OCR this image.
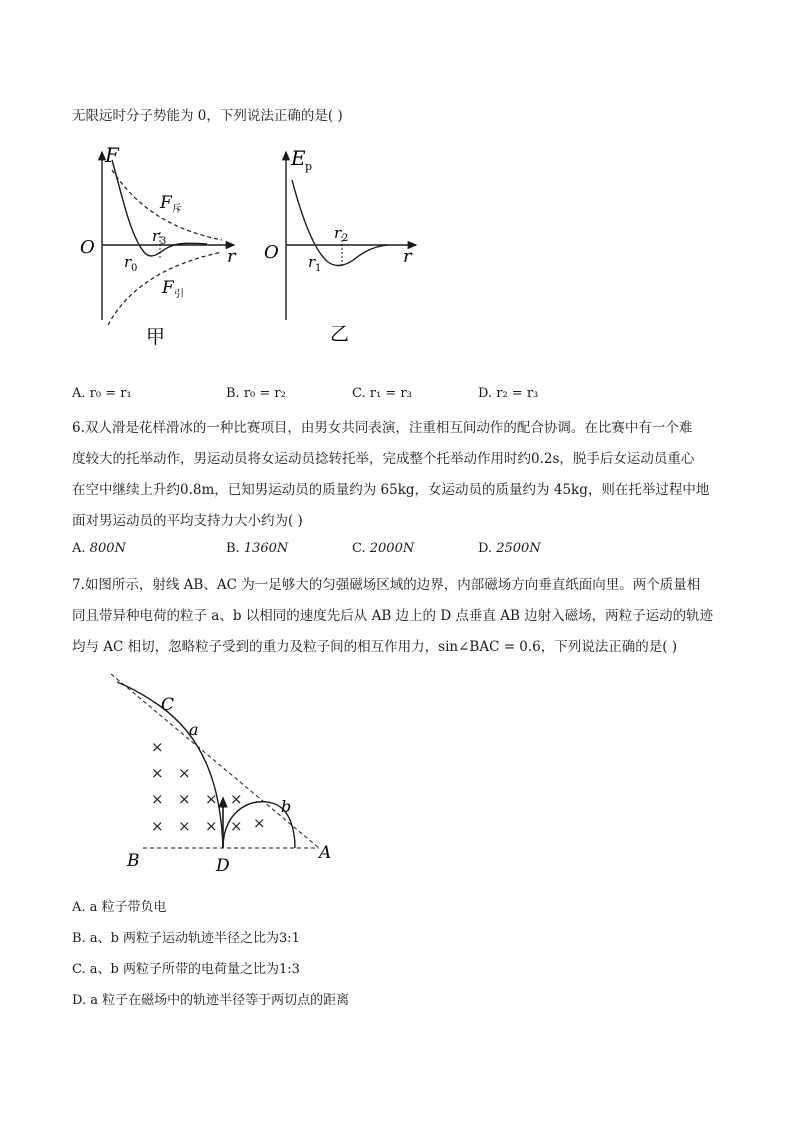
无限远时分子势能为 0，下列说法正确的是( )
F
O	r
r 0
r 3
F 斥
F 引
甲
E p
O	r
r 1
r 2
乙
A. r₀ = r₁	B. r₀ = r₂	C. r₁ = r₃	D. r₂ = r₃
6.双人滑是花样滑冰的一种比赛项目，由男女共同表演，注重相互间动作的配合协调。在比赛中有一个难
度较大的托举动作，男运动员将女运动员捻转托举，完成整个托举动作用时约0.2s，脱手后女运动员重心
在空中继续上升约0.8m，已知男运动员的质量约为 65kg，女运动员的质量约为 45kg，则在托举过程中地
面对男运动员的平均支持力大小约为( )
A. 800N	B. 1360N	C. 2000N	D. 2500N
7.如图所示，射线 AB、AC 为一足够大的匀强磁场区域的边界，内部磁场方向垂直纸面向里。两个质量相
同且带异种电荷的粒子 a、b 以相同的速度先后从 AB 边上的 D 点垂直 AB 边射入磁场，两粒子运动的轨迹
均与 AC 相切，忽略粒子受到的重力及粒子间的相互作用力，sin∠BAC = 0.6，下列说法正确的是( )
×
× ×
× × × ×
× × × × ×
C
a
b
B	D
A
A. a 粒子带负电
B. a、b 两粒子运动轨迹半径之比为3:1
C. a、b 两粒子所带的电荷量之比为1:3
D. a 粒子在磁场中的轨迹半径等于两切点的距离
